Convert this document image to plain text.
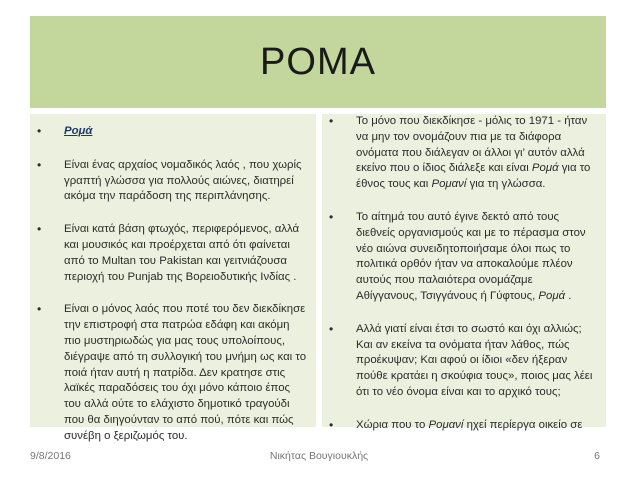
ΡΟΜΑ
• Ρομά
• Είναι ένας αρχαίος νομαδικός λαός , που χωρίς γραπτή γλώσσα για πολλούς αιώνες, διατηρεί ακόμα την παράδοση της περιπλάνησης.
• Είναι κατά βάση φτωχός, περιφερόμενος, αλλά και μουσικός και προέρχεται από ότι φαίνεται από το Multan του Pakistan και γειτνιάζουσα περιοχή του Punjab της Βορειοδυτικής Ινδίας .
• Είναι ο μόνος λαός που ποτέ του δεν διεκδίκησε την επιστροφή στα πατρώα εδάφη και ακόμη πιο μυστηριωδώς για μας τους υπολοίπους, διέγραψε από τη συλλογική του μνήμη ως και το ποιά ήταν αυτή η πατρίδα. Δεν κρατησε στις λαϊκές παραδόσεις του όχι μόνο κάποιο έπος του αλλά ούτε το ελάχιστο δημοτικό τραγούδι που θα διηγούνταν το από πού, πότε και πώς συνέβη ο ξεριζωμός του.
• Το μόνο που διεκδίκησε - μόλις το 1971 - ήταν να μην τον ονομάζουν πια με τα διάφορα ονόματα που διάλεγαν οι άλλοι γι’ αυτόν αλλά εκείνο που ο ίδιος διάλεξε και είναι Ρομά για το έθνος τους και Ρομανί για τη γλώσσα.
• Το αίτημά του αυτό έγινε δεκτό από τους διεθνείς οργανισμούς και με το πέρασμα στον νέο αιώνα συνειδητοποιήσαμε όλοι πως το πολιτικά ορθόν ήταν να αποκαλούμε πλέον αυτούς που παλαιότερα ονομάζαμε Αθίγγανους, Τσιγγάνους ή Γύφτους, Ρομά .
• Αλλά γιατί είναι έτσι το σωστό και όχι αλλιώς; Και αν εκείνα τα ονόματα ήταν λάθος, πώς προέκυψαν; Και αφού οι ίδιοι «δεν ήξεραν πούθε κρατάει η σκούφια τους», ποιος μας λέει ότι το νέο όνομα είναι και το αρχικό τους;
• Χώρια που το Ρομανί ηχεί περίεργα οικείο σε
9/8/2016	Νικήτας Βουγιουκλής	6
